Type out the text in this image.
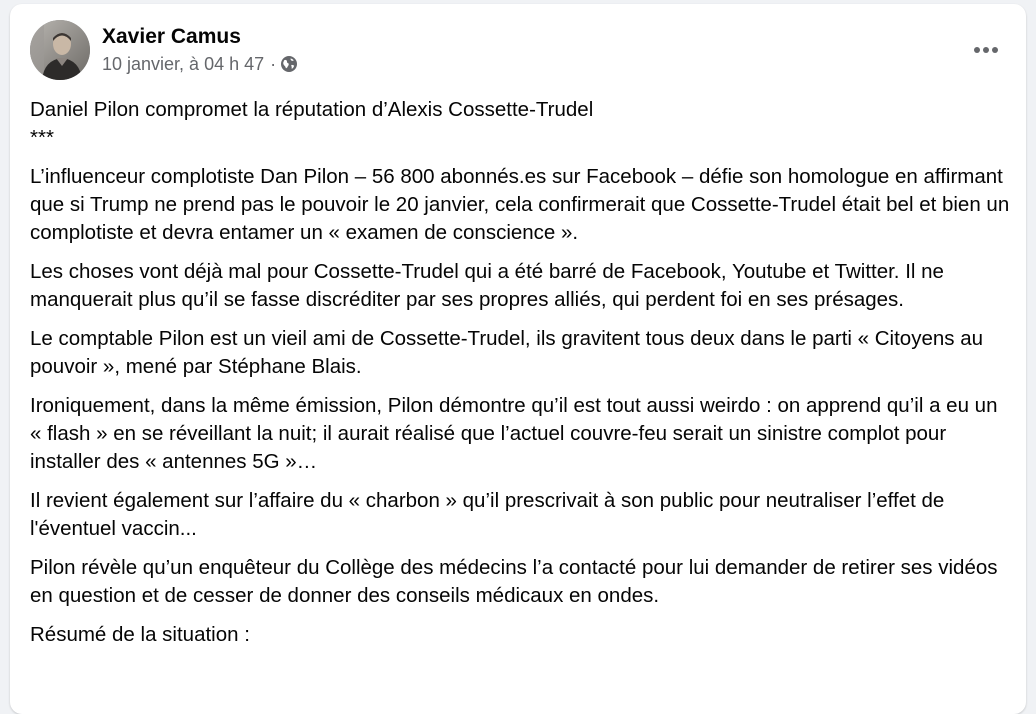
Xavier Camus
10 janvier, à 04 h 47 ·

Daniel Pilon compromet la réputation d’Alexis Cossette-Trudel

***

L’influenceur complotiste Dan Pilon – 56 800 abonnés.es sur Facebook – défie son homologue en affirmant que si Trump ne prend pas le pouvoir le 20 janvier, cela confirmerait que Cossette-Trudel était bel et bien un complotiste et devra entamer un « examen de conscience ».

Les choses vont déjà mal pour Cossette-Trudel qui a été barré de Facebook, Youtube et Twitter. Il ne manquerait plus qu’il se fasse discréditer par ses propres alliés, qui perdent foi en ses présages.

Le comptable Pilon est un vieil ami de Cossette-Trudel, ils gravitent tous deux dans le parti « Citoyens au pouvoir », mené par Stéphane Blais.

Ironiquement, dans la même émission, Pilon démontre qu’il est tout aussi weirdo : on apprend qu’il a eu un « flash » en se réveillant la nuit; il aurait réalisé que l’actuel couvre-feu serait un sinistre complot pour installer des « antennes 5G »…

Il revient également sur l’affaire du « charbon » qu’il prescrivait à son public pour neutraliser l’effet de l'éventuel vaccin...

Pilon révèle qu’un enquêteur du Collège des médecins l’a contacté pour lui demander de retirer ses vidéos en question et de cesser de donner des conseils médicaux en ondes.

Résumé de la situation :
